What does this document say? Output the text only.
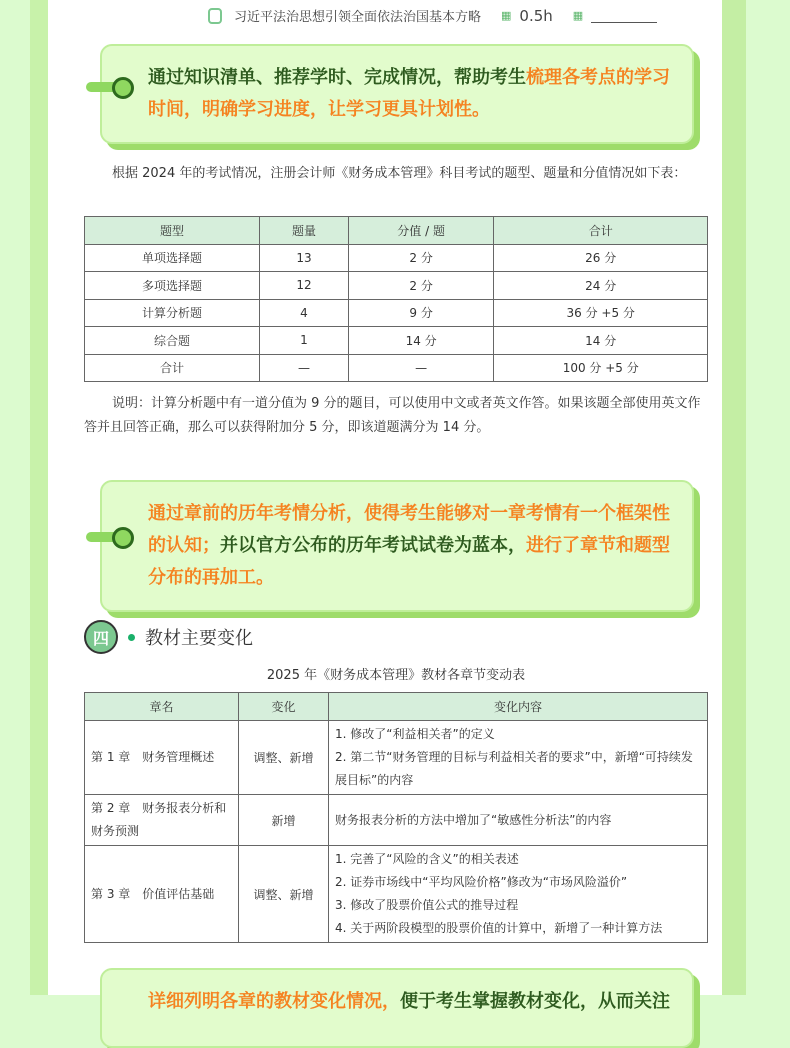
习近平法治思想引领全面依法治国基本方略 ▦ 0.5h ▦
通过知识清单、推荐学时、完成情况，帮助考生梳理各考点的学习时间，明确学习进度，让学习更具计划性。
根据 2024 年的考试情况，注册会计师《财务成本管理》科目考试的题型、题量和分值情况如下表：
题型	题量	分值 / 题	合计
单项选择题	13	2 分	26 分
多项选择题	12	2 分	24 分
计算分析题	4	9 分	36 分 +5 分
综合题	1	14 分	14 分
合计	—	—	100 分 +5 分
说明：计算分析题中有一道分值为 9 分的题目，可以使用中文或者英文作答。如果该题全部使用英文作答并且回答正确，那么可以获得附加分 5 分，即该道题满分为 14 分。
通过章前的历年考情分析，使得考生能够对一章考情有一个框架性的认知；并以官方公布的历年考试试卷为蓝本，进行了章节和题型分布的再加工。
四	教材主要变化
2025 年《财务成本管理》教材各章节变动表
章名	变化	变化内容
第 1 章　财务管理概述	调整、新增	1. 修改了“利益相关者”的定义
2. 第二节“财务管理的目标与利益相关者的要求”中，新增“可持续发展目标”的内容

第 2 章　财务报表分析和财务预测	新增	财务报表分析的方法中增加了“敏感性分析法”的内容

第 3 章　价值评估基础	调整、新增	1. 完善了“风险的含义”的相关表述
2. 证券市场线中“平均风险价格”修改为“市场风险溢价”
3. 修改了股票价值公式的推导过程
4. 关于两阶段模型的股票价值的计算中，新增了一种计算方法
详细列明各章的教材变化情况，便于考生掌握教材变化，从而关注
